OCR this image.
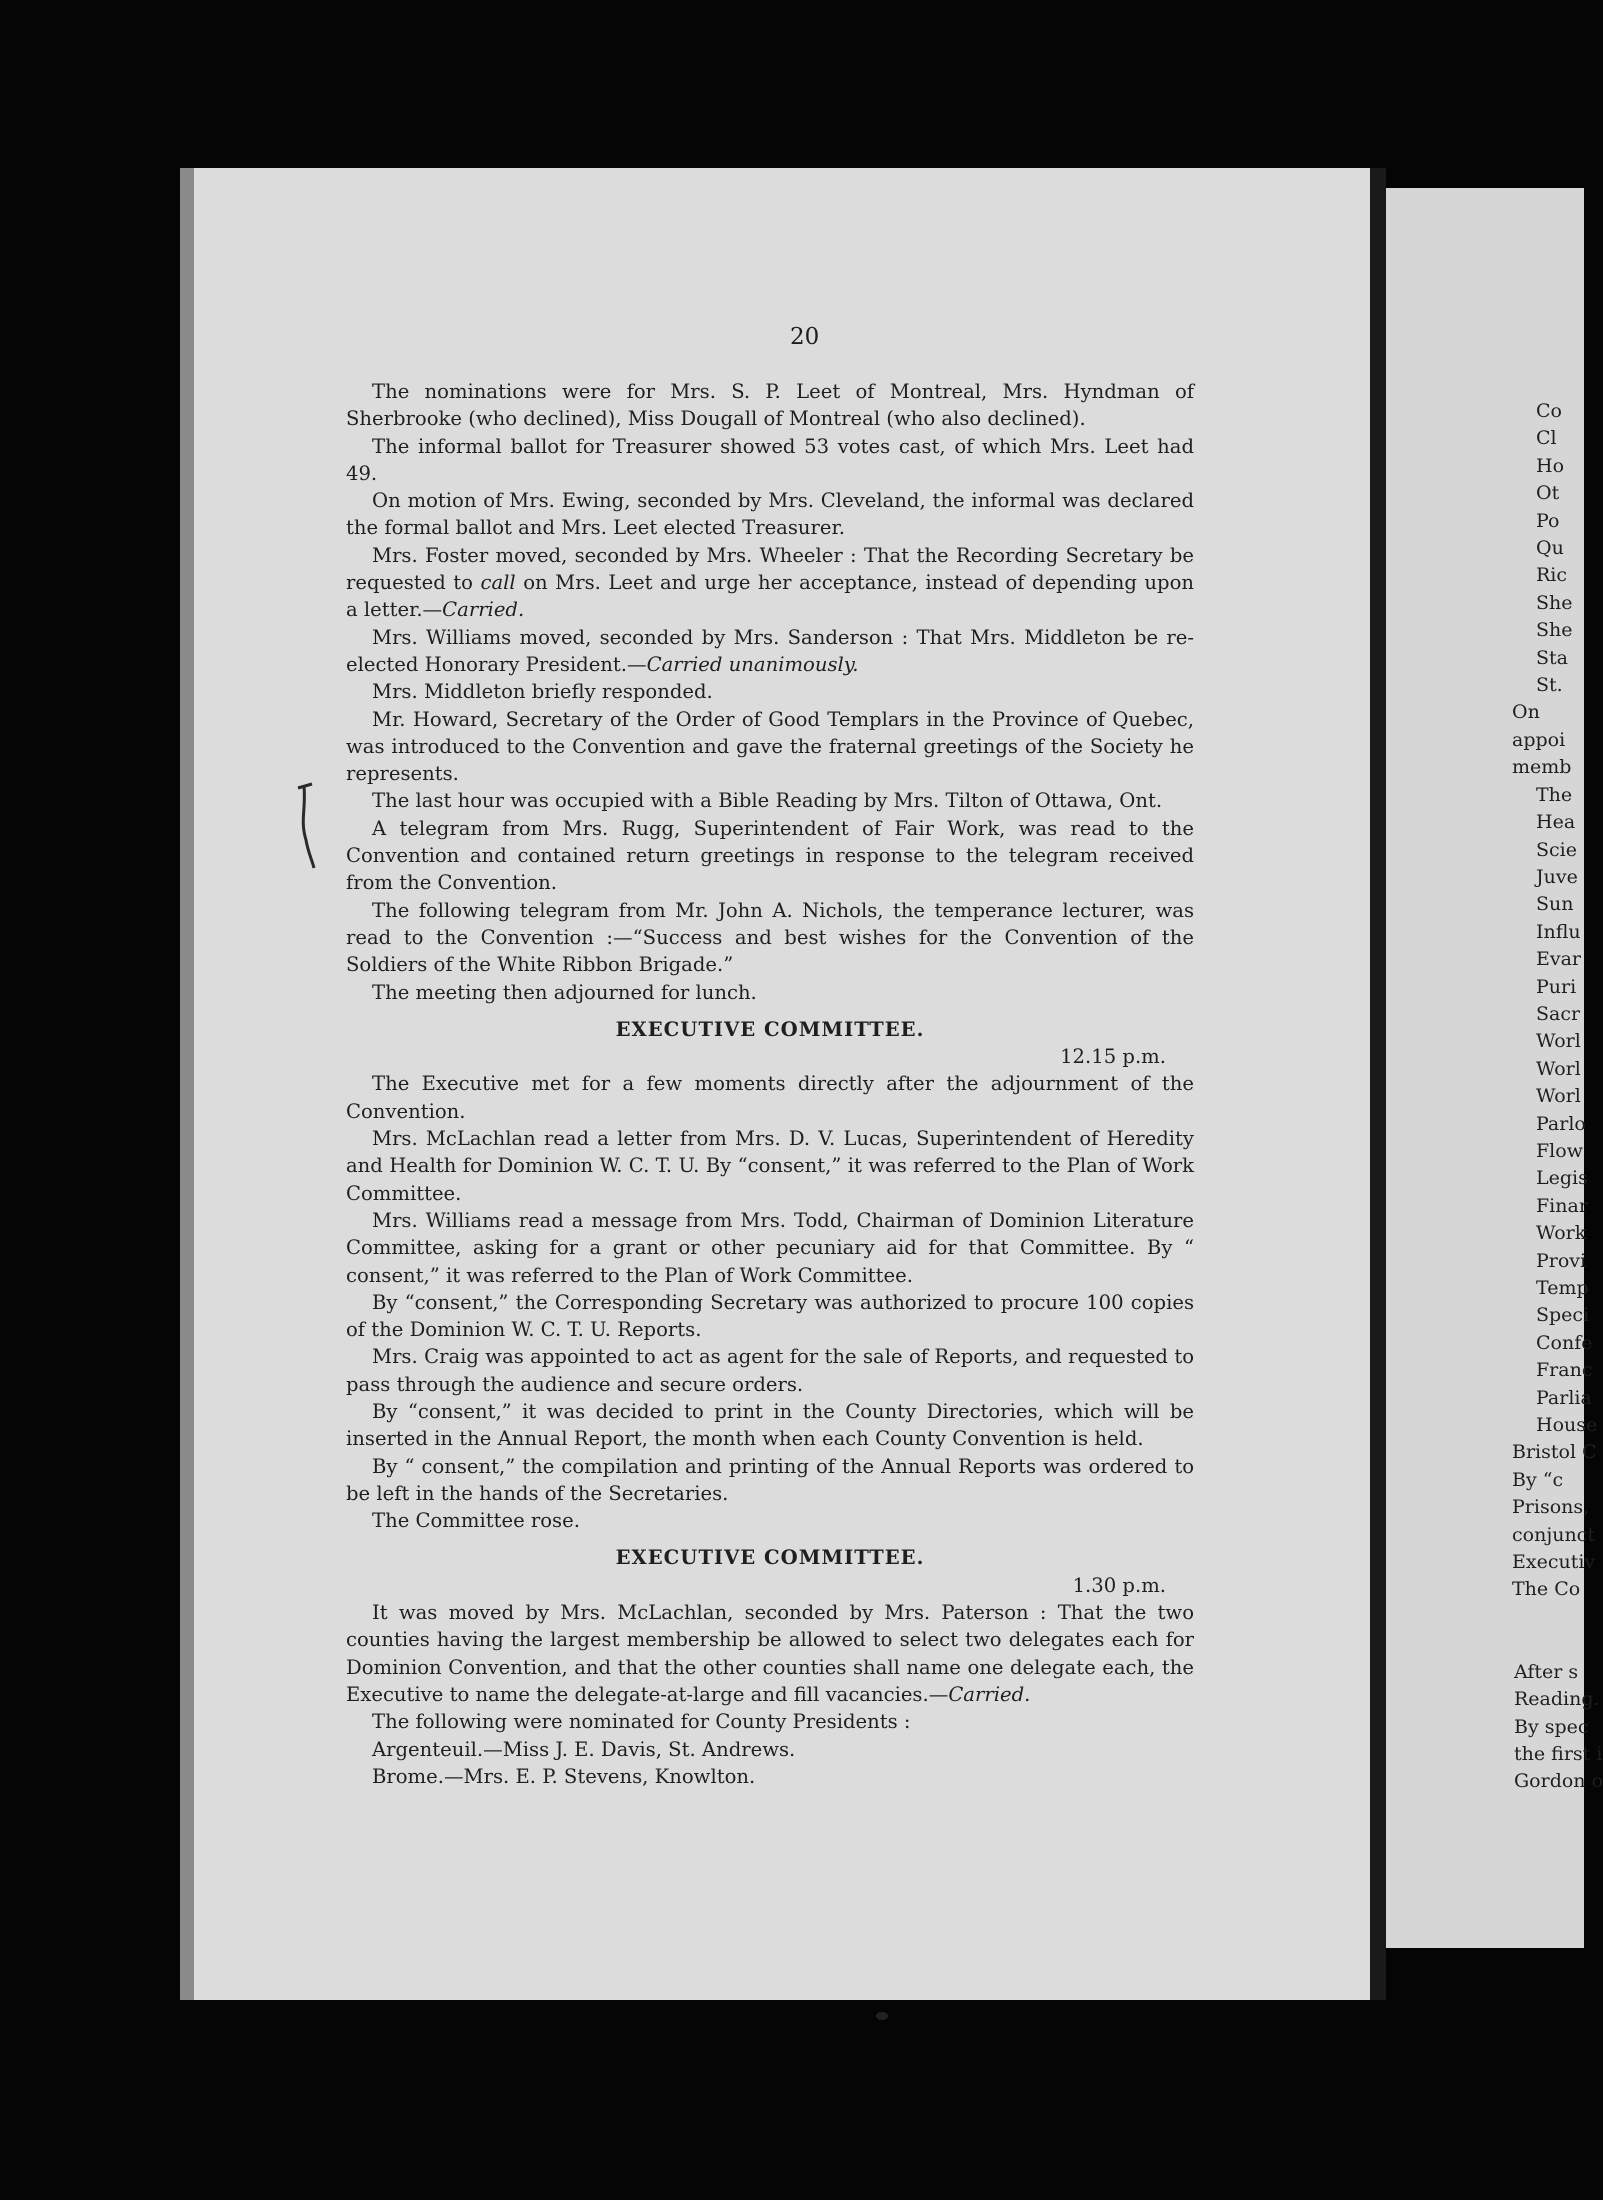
20

The nominations were for Mrs. S. P. Leet of Montreal, Mrs. Hyndman of Sherbrooke (who declined), Miss Dougall of Montreal (who also declined).

The informal ballot for Treasurer showed 53 votes cast, of which Mrs. Leet had 49.

On motion of Mrs. Ewing, seconded by Mrs. Cleveland, the informal was declared the formal ballot and Mrs. Leet elected Treasurer.

Mrs. Foster moved, seconded by Mrs. Wheeler : That the Recording Secretary be requested to call on Mrs. Leet and urge her acceptance, instead of depending upon a letter.—Carried.

Mrs. Williams moved, seconded by Mrs. Sanderson : That Mrs. Middleton be re-elected Honorary President.—Carried unanimously.

Mrs. Middleton briefly responded.

Mr. Howard, Secretary of the Order of Good Templars in the Province of Quebec, was introduced to the Convention and gave the fraternal greetings of the Society he represents.

The last hour was occupied with a Bible Reading by Mrs. Tilton of Ottawa, Ont.

A telegram from Mrs. Rugg, Superintendent of Fair Work, was read to the Convention and contained return greetings in response to the telegram received from the Convention.

The following telegram from Mr. John A. Nichols, the temperance lecturer, was read to the Convention :—“Success and best wishes for the Convention of the Soldiers of the White Ribbon Brigade.”

The meeting then adjourned for lunch.

EXECUTIVE COMMITTEE.

12.15 p.m.

The Executive met for a few moments directly after the adjournment of the Convention.

Mrs. McLachlan read a letter from Mrs. D. V. Lucas, Superintendent of Heredity and Health for Dominion W. C. T. U. By “consent,” it was referred to the Plan of Work Committee.

Mrs. Williams read a message from Mrs. Todd, Chairman of Dominion Literature Committee, asking for a grant or other pecuniary aid for that Committee. By “ consent,” it was referred to the Plan of Work Committee.

By “consent,” the Corresponding Secretary was authorized to procure 100 copies of the Dominion W. C. T. U. Reports.

Mrs. Craig was appointed to act as agent for the sale of Reports, and requested to pass through the audience and secure orders.

By “consent,” it was decided to print in the County Directories, which will be inserted in the Annual Report, the month when each County Convention is held.

By “ consent,” the compilation and printing of the Annual Reports was ordered to be left in the hands of the Secretaries.

The Committee rose.

EXECUTIVE COMMITTEE.

1.30 p.m.

It was moved by Mrs. McLachlan, seconded by Mrs. Paterson : That the two counties having the largest membership be allowed to select two delegates each for Dominion Convention, and that the other counties shall name one delegate each, the Executive to name the delegate-at-large and fill vacancies.—Carried.

The following were nominated for County Presidents :

Argenteuil.—Miss J. E. Davis, St. Andrews.

Brome.—Mrs. E. P. Stevens, Knowlton.

Co
Cl
Ho
Ot
Po
Qu
Ric
She
She
Sta
St.
On
appoi
memb
The
Hea
Scie
Juve
Sun
Influ
Evar
Puri
Sacr
Worl
Worl
Worl
Parlo
Flow
Legis
Finar
Work
Provi
Temp
Speci
Confe
Franc
Parlia
House
Bristol C
By “c
Prisons,
conjunct
Executiv
The Co

After s
Reading.
By spec
the first i
Gordon o
